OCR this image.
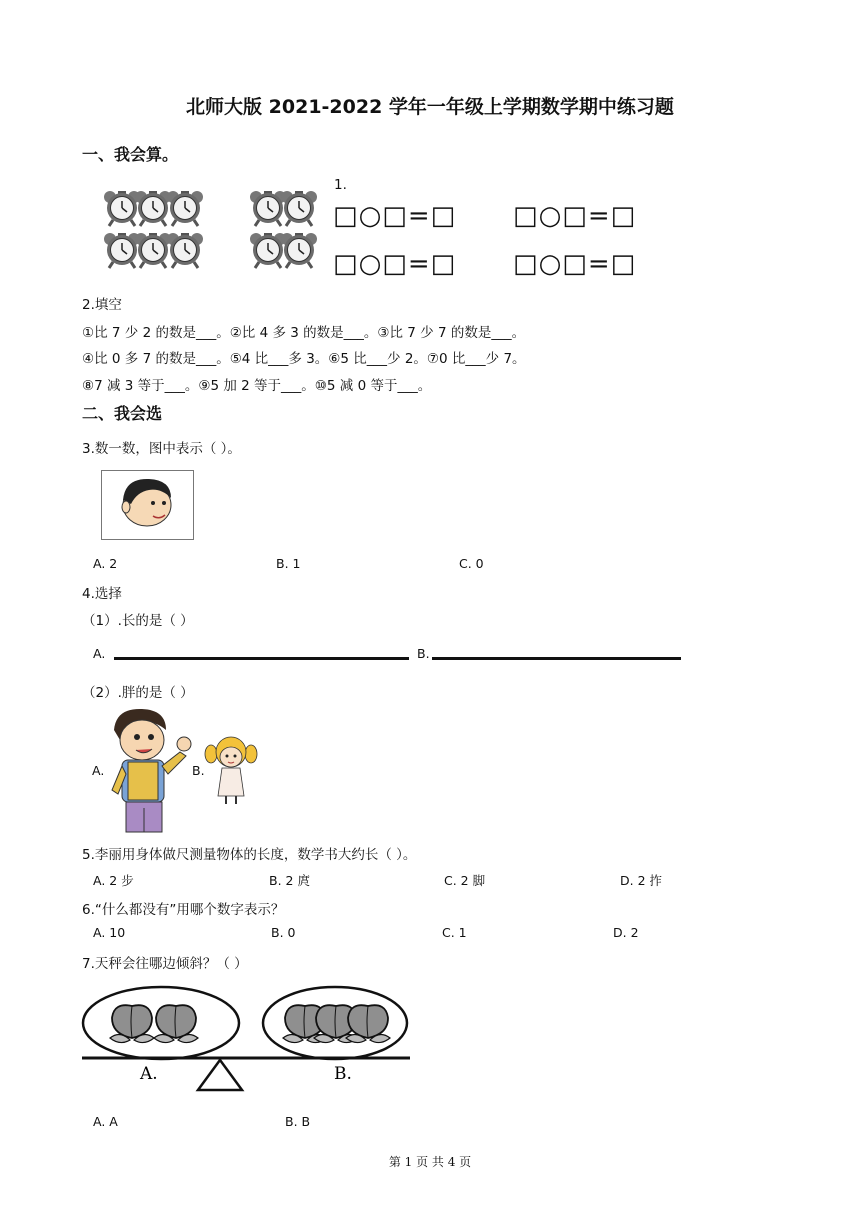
北师大版 2021-2022 学年一年级上学期数学期中练习题
一、我会算。
1.
□○□=□ □○□=□
□○□=□ □○□=□
2.填空
①比 7 少 2 的数是___。②比 4 多 3 的数是___。③比 7 少 7 的数是___。
④比 0 多 7 的数是___。⑤4 比___多 3。⑥5 比___少 2。⑦0 比___少 7。
⑧7 减 3 等于___。⑨5 加 2 等于___。⑩5 减 0 等于___。
二、我会选
3.数一数，图中表示（ ）。
A. 2	B. 1	C. 0
4.选择
（1）.长的是（ ）
A.	B.
（2）.胖的是（ ）
A.	B.
5.李丽用身体做尺测量物体的长度，数学书大约长（ ）。
A. 2 步	B. 2 庹	C. 2 脚	D. 2 拃
6.“什么都没有”用哪个数字表示？
A. 10	B. 0	C. 1	D. 2
7.天秤会往哪边倾斜？（ ）
A.	B.
A. A	B. B
第 1 页 共 4 页
